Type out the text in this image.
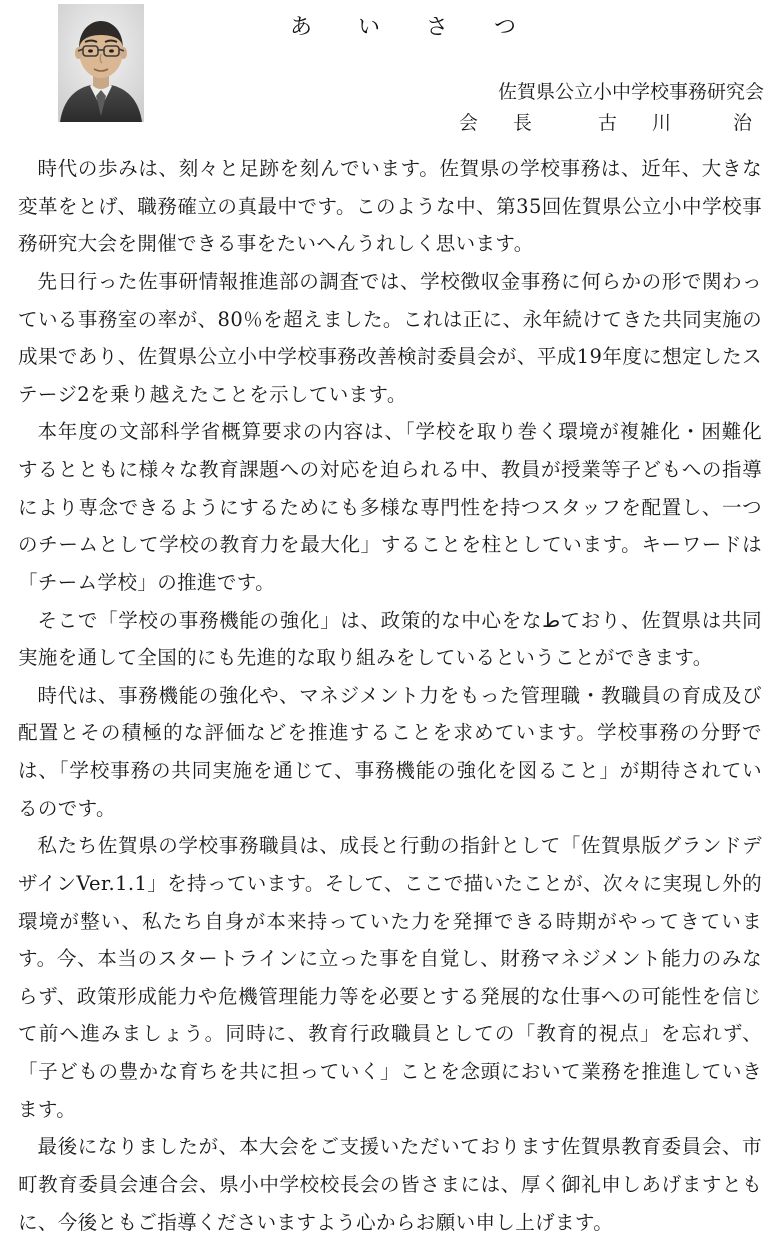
あ　い　さ　つ
佐賀県公立小中学校事務研究会
会　長	古　川　　治

時代の歩みは、刻々と足跡を刻んでいます。佐賀県の学校事務は、近年、大きな変革をとげ、職務確立の真最中です。このような中、第35回佐賀県公立小中学校事務研究大会を開催できる事をたいへんうれしく思います。

先日行った佐事研情報推進部の調査では、学校徴収金事務に何らかの形で関わっている事務室の率が、80％を超えました。これは正に、永年続けてきた共同実施の成果であり、佐賀県公立小中学校事務改善検討委員会が、平成19年度に想定したステージ2を乗り越えたことを示しています。

本年度の文部科学省概算要求の内容は、「学校を取り巻く環境が複雑化・困難化するとともに様々な教育課題への対応を迫られる中、教員が授業等子どもへの指導により専念できるようにするためにも多様な専門性を持つスタッフを配置し、一つのチームとして学校の教育力を最大化」することを柱としています。キーワードは「チーム学校」の推進です。

そこで「学校の事務機能の強化」は、政策的な中心をなطており、佐賀県は共同実施を通して全国的にも先進的な取り組みをしているということができます。

時代は、事務機能の強化や、マネジメント力をもった管理職・教職員の育成及び配置とその積極的な評価などを推進することを求めています。学校事務の分野では、「学校事務の共同実施を通じて、事務機能の強化を図ること」が期待されているのです。

私たち佐賀県の学校事務職員は、成長と行動の指針として「佐賀県版グランドデザインVer.1.1」を持っています。そして、ここで描いたことが、次々に実現し外的環境が整い、私たち自身が本来持っていた力を発揮できる時期がやってきています。今、本当のスタートラインに立った事を自覚し、財務マネジメント能力のみならず、政策形成能力や危機管理能力等を必要とする発展的な仕事への可能性を信じて前へ進みましょう。同時に、教育行政職員としての「教育的視点」を忘れず、「子どもの豊かな育ちを共に担っていく」ことを念頭において業務を推進していきます。

最後になりましたが、本大会をご支援いただいております佐賀県教育委員会、市町教育委員会連合会、県小中学校校長会の皆さまには、厚く御礼申しあげますともに、今後ともご指導くださいますよう心からお願い申し上げます。
